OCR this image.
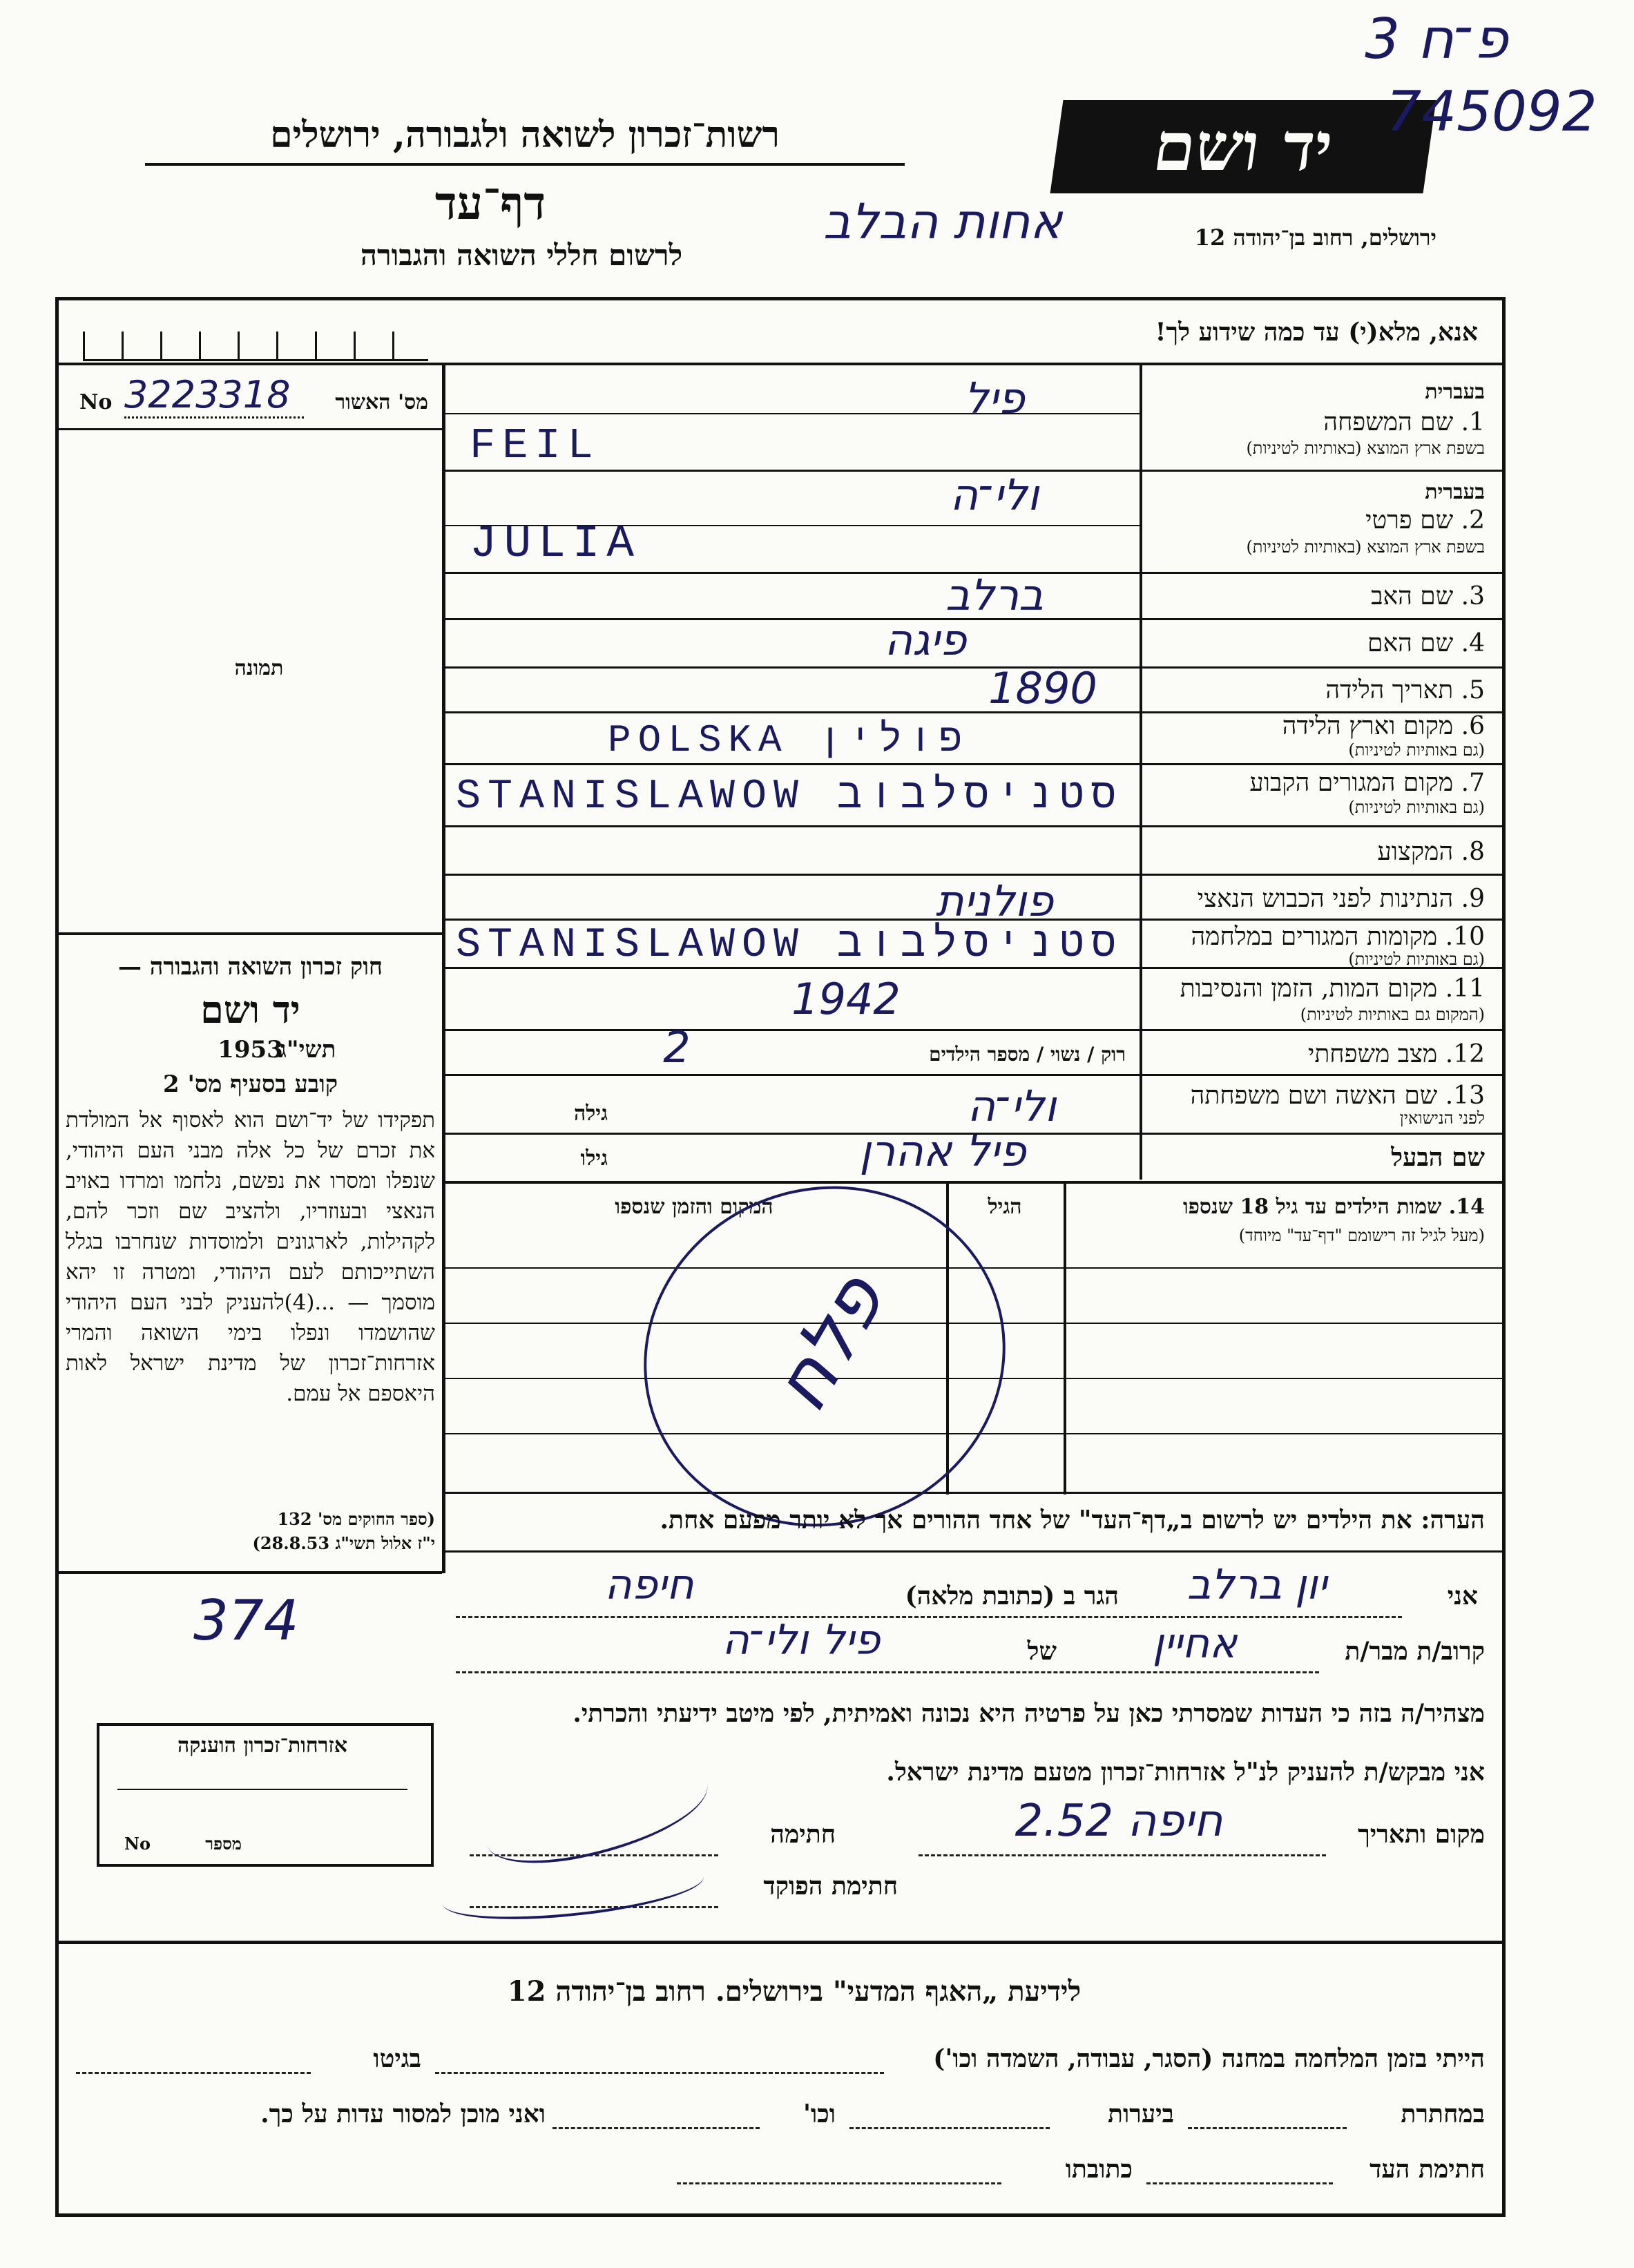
רשות־זכרון לשואה ולגבורה, ירושלים
דף־עד
לרשום חללי השואה והגבורה
יד ושם
ירושלים, רחוב בן־יהודה 12
פ־ח 3
745092
אחות הבלב
אנא, מלא(י) עד כמה שידוע לך!
מס' האשור
No 3223318
תמונה
חוק זכרון השואה והגבורה —
יד ושם
1953
תשי"ג
קובע בסעיף מס' 2
תפקידו של יד־ושם הוא לאסוף אל המולדת את זכרם של כל אלה מבני העם היהודי, שנפלו ומסרו את נפשם, נלחמו ומרדו באויב הנאצי ובעוזריו, ולהציב שם וזכר להם, לקהילות, לארגונים ולמוסדות שנחרבו בגלל השתייכותם לעם היהודי, ומטרה זו יהא מוסמך — ...(4)להעניק לבני העם היהודי שהושמדו ונפלו בימי השואה והמרי אזרחות־זכרון של מדינת ישראל לאות היאספם אל עמם.
(ספר החוקים מס' 132
י"ז אלול תשי"ג 28.8.53)
374
אזרחות־זכרון הוענקה
מספר
No
בעברית
1. שם המשפחה
בשפת ארץ המוצא (באותיות לטיניות)
פיל
FEIL
בעברית
2. שם פרטי
בשפת ארץ המוצא (באותיות לטיניות)
ולי־ה
JULIA
3. שם האב
ברלב
4. שם האם
פיגה
5. תאריך הלידה
1890
6. מקום וארץ הלידה
(גם באותיות לטיניות)
POLSKA פולין
7. מקום המגורים הקבוע
(גם באותיות לטיניות)
STANISLAWOW סטניסלבוב
8. המקצוע
9. הנתינות לפני הכבוש הנאצי
פולנית
10. מקומות המגורים במלחמה
(גם באותיות לטיניות)
STANISLAWOW סטניסלבוב
11. מקום המות, הזמן והנסיבות
(המקום גם באותיות לטיניות)
1942
12. מצב משפחתי
רוק / נשוי / מספר הילדים
2
13. שם האשה ושם משפחתה
לפני הנישואין
גילה	ולי־ה
שם הבעל
גילו	פיל אהרן
14. שמות הילדים עד גיל 18 שנספו
(מעל לגיל זה רישומם "דף־עד" מיוחד)
הגיל
המקום והזמן שנספו
פלח
הערה: את הילדים יש לרשום ב„דף־העד" של אחד ההורים אך לא יותר מפעם אחת.
אני
יון ברלב
הגר ב (כתובת מלאה)
חיפה
קרוב/ת מבר/ת
אחיין
של
פיל ולי־ה
מצהיר/ה בזה כי העדות שמסרתי כאן על פרטיה היא נכונה ואמיתית, לפי מיטב ידיעתי והכרתי.
אני מבקש/ת להעניק לנ"ל אזרחות־זכרון מטעם מדינת ישראל.
מקום ותאריך
חיפה 2.52
חתימה
חתימת הפוקד
לידיעת „האגף המדעי" בירושלים. רחוב בן־יהודה 12
הייתי בזמן המלחמה במחנה (הסגר, עבודה, השמדה וכו')
בגיטו
במחתרת
ביערות
וכו'
ואני מוכן למסור עדות על כך.
חתימת העד
כתובתו
